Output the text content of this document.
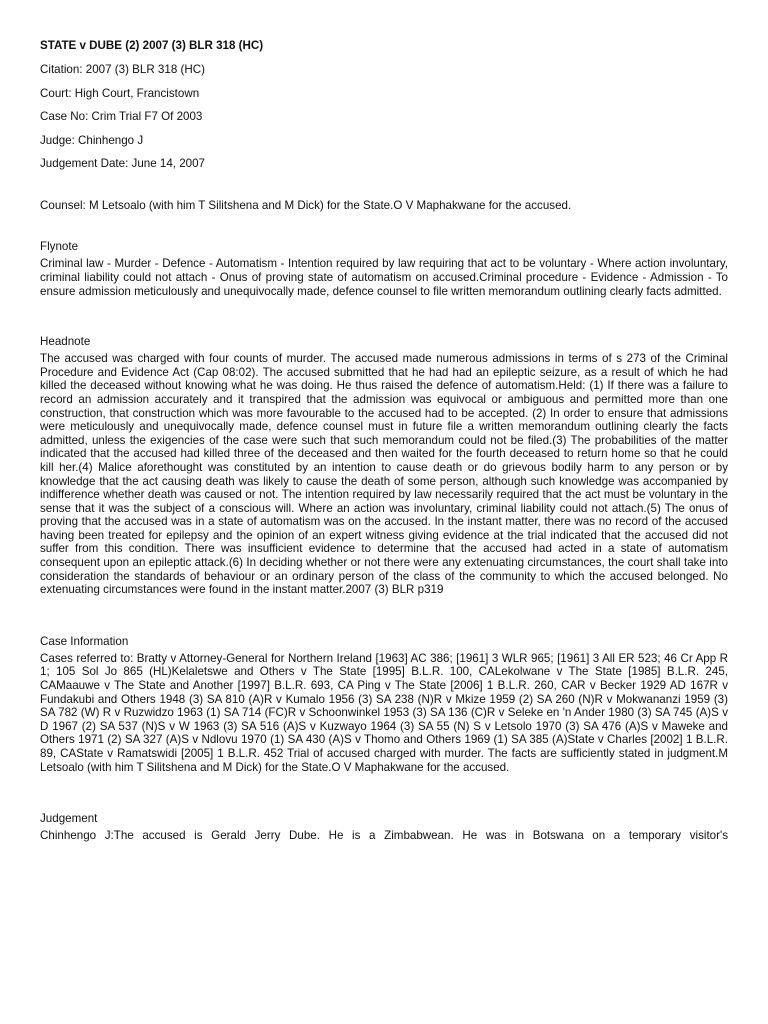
STATE v DUBE (2) 2007 (3) BLR 318 (HC)
Citation: 2007 (3) BLR 318 (HC)
Court: High Court, Francistown
Case No: Crim Trial F7 Of 2003
Judge: Chinhengo J
Judgement Date: June 14, 2007
Counsel: M Letsoalo (with him T Silitshena and M Dick) for the State.O V Maphakwane for the accused.
Flynote
Criminal law - Murder - Defence - Automatism - Intention required by law requiring that act to be voluntary - Where action involuntary, criminal liability could not attach - Onus of proving state of automatism on accused.Criminal procedure - Evidence - Admission - To ensure admission meticulously and unequivocally made, defence counsel to file written memorandum outlining clearly facts admitted.
Headnote
The accused was charged with four counts of murder. The accused made numerous admissions in terms of s 273 of the Criminal Procedure and Evidence Act (Cap 08:02). The accused submitted that he had had an epileptic seizure, as a result of which he had killed the deceased without knowing what he was doing. He thus raised the defence of automatism.Held: (1) If there was a failure to record an admission accurately and it transpired that the admission was equivocal or ambiguous and permitted more than one construction, that construction which was more favourable to the accused had to be accepted. (2) In order to ensure that admissions were meticulously and unequivocally made, defence counsel must in future file a written memorandum outlining clearly the facts admitted, unless the exigencies of the case were such that such memorandum could not be filed.(3) The probabilities of the matter indicated that the accused had killed three of the deceased and then waited for the fourth deceased to return home so that he could kill her.(4) Malice aforethought was constituted by an intention to cause death or do grievous bodily harm to any person or by knowledge that the act causing death was likely to cause the death of some person, although such knowledge was accompanied by indifference whether death was caused or not. The intention required by law necessarily required that the act must be voluntary in the sense that it was the subject of a conscious will. Where an action was involuntary, criminal liability could not attach.(5) The onus of proving that the accused was in a state of automatism was on the accused. In the instant matter, there was no record of the accused having been treated for epilepsy and the opinion of an expert witness giving evidence at the trial indicated that the accused did not suffer from this condition. There was insufficient evidence to determine that the accused had acted in a state of automatism consequent upon an epileptic attack.(6) In deciding whether or not there were any extenuating circumstances, the court shall take into consideration the standards of behaviour or an ordinary person of the class of the community to which the accused belonged. No extenuating circumstances were found in the instant matter.2007 (3) BLR p319
Case Information
Cases referred to: Bratty v Attorney-General for Northern Ireland [1963] AC 386; [1961] 3 WLR 965; [1961] 3 All ER 523; 46 Cr App R 1; 105 Sol Jo 865 (HL)Kelaletswe and Others v The State [1995] B.L.R. 100, CALekolwane v The State [1985] B.L.R. 245, CAMaauwe v The State and Another [1997] B.L.R. 693, CA Ping v The State [2006] 1 B.L.R. 260, CAR v Becker 1929 AD 167R v Fundakubi and Others 1948 (3) SA 810 (A)R v Kumalo 1956 (3) SA 238 (N)R v Mkize 1959 (2) SA 260 (N)R v Mokwananzi 1959 (3) SA 782 (W) R v Ruzwidzo 1963 (1) SA 714 (FC)R v Schoonwinkel 1953 (3) SA 136 (C)R v Seleke en 'n Ander 1980 (3) SA 745 (A)S v D 1967 (2) SA 537 (N)S v W 1963 (3) SA 516 (A)S v Kuzwayo 1964 (3) SA 55 (N) S v Letsolo 1970 (3) SA 476 (A)S v Maweke and Others 1971 (2) SA 327 (A)S v Ndlovu 1970 (1) SA 430 (A)S v Thomo and Others 1969 (1) SA 385 (A)State v Charles [2002] 1 B.L.R. 89, CAState v Ramatswidi [2005] 1 B.L.R. 452 Trial of accused charged with murder. The facts are sufficiently stated in judgment.M Letsoalo (with him T Silitshena and M Dick) for the State.O V Maphakwane for the accused.
Judgement
Chinhengo J:The accused is Gerald Jerry Dube. He is a Zimbabwean. He was in Botswana on a temporary visitor's
